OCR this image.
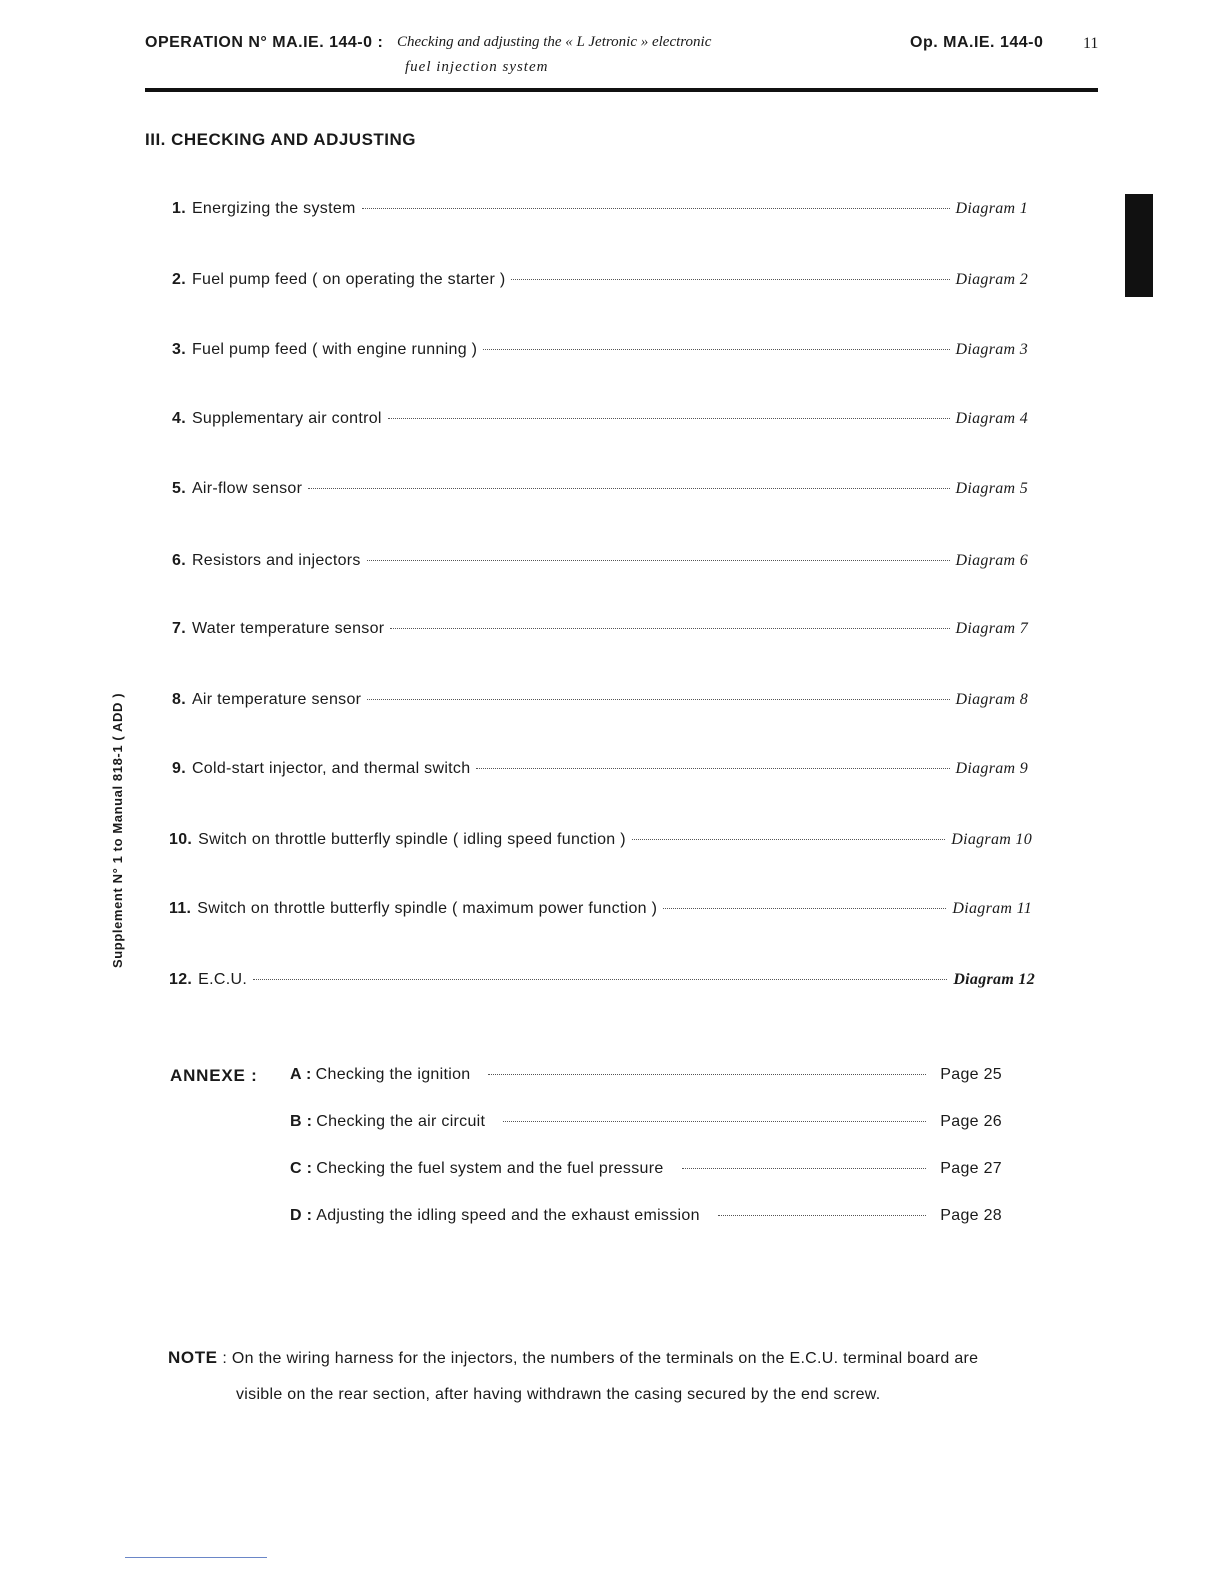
OPERATION N° MA.IE. 144-0 : Checking and adjusting the « L Jetronic » electronic
fuel injection system
Op. MA.IE. 144-0 11
III. CHECKING AND ADJUSTING
Supplement N° 1 to Manual 818-1 ( ADD )
1. Energizing the system	Diagram 1
2. Fuel pump feed ( on operating the starter )	Diagram 2
3. Fuel pump feed ( with engine running )	Diagram 3
4. Supplementary air control	Diagram 4
5. Air-flow sensor	Diagram 5
6. Resistors and injectors	Diagram 6
7. Water temperature sensor	Diagram 7
8. Air temperature sensor	Diagram 8
9. Cold-start injector, and thermal switch	Diagram 9
10. Switch on throttle butterfly spindle ( idling speed function )	Diagram 10
11. Switch on throttle butterfly spindle ( maximum power function )	Diagram 11
12. E.C.U.	Diagram 12
ANNEXE : A : Checking the ignition	Page 25
B : Checking the air circuit	Page 26
C : Checking the fuel system and the fuel pressure	Page 27
D : Adjusting the idling speed and the exhaust emission	Page 28
NOTE : On the wiring harness for the injectors, the numbers of the terminals on the E.C.U. terminal board are
visible on the rear section, after having withdrawn the casing secured by the end screw.
